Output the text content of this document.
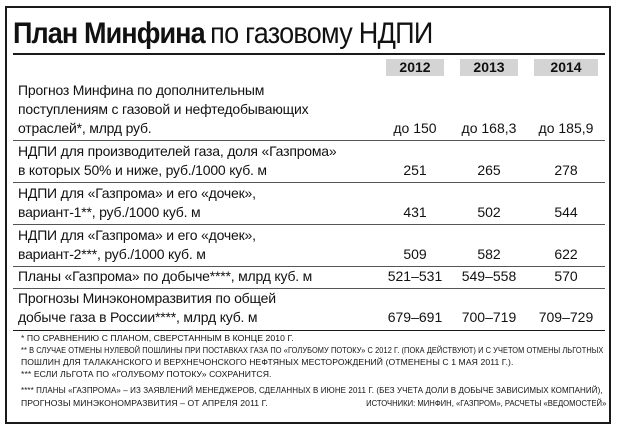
План Минфина по газовому НДПИ
2012	2013	2014
Прогноз Минфина по дополнительным
поступлениям с газовой и нефтедобывающих
отраслей*, млрд руб.	до 150	до 168,3	до 185,9
НДПИ для производителей газа, доля «Газпрома»
в которых 50% и ниже, руб./1000 куб. м	251	265	278
НДПИ для «Газпрома» и его «дочек»,
вариант-1**, руб./1000 куб. м	431	502	544
НДПИ для «Газпрома» и его «дочек»,
вариант-2***, руб./1000 куб. м	509	582	622
Планы «Газпрома» по добыче****, млрд куб. м	521–531	549–558	570
Прогнозы Минэкономразвития по общей
добыче газа в России****, млрд куб. м	679–691	700–719	709–729
* ПО СРАВНЕНИЮ С ПЛАНОМ, СВЕРСТАННЫМ В КОНЦЕ 2010 Г.
** В СЛУЧАЕ ОТМЕНЫ НУЛЕВОЙ ПОШЛИНЫ ПРИ ПОСТАВКАХ ГАЗА ПО «ГОЛУБОМУ ПОТОКУ» С 2012 Г. (ПОКА ДЕЙСТВУЮТ) И С УЧЕТОМ ОТМЕНЫ ЛЬГОТНЫХ
ПОШЛИН ДЛЯ ТАЛАКАНСКОГО И ВЕРХНЕЧОНСКОГО НЕФТЯНЫХ МЕСТОРОЖДЕНИЙ (ОТМЕНЕНЫ С 1 МАЯ 2011 Г.).
*** ЕСЛИ ЛЬГОТА ПО «ГОЛУБОМУ ПОТОКУ» СОХРАНИТСЯ.
**** ПЛАНЫ «ГАЗПРОМА» – ИЗ ЗАЯВЛЕНИЙ МЕНЕДЖЕРОВ, СДЕЛАННЫХ В ИЮНЕ 2011 Г. (БЕЗ УЧЕТА ДОЛИ В ДОБЫЧЕ ЗАВИСИМЫХ КОМПАНИЙ),
ПРОГНОЗЫ МИНЭКОНОМРАЗВИТИЯ – ОТ АПРЕЛЯ 2011 Г.	ИСТОЧНИКИ: МИНФИН, «ГАЗПРОМ», РАСЧЕТЫ «ВЕДОМОСТЕЙ»
